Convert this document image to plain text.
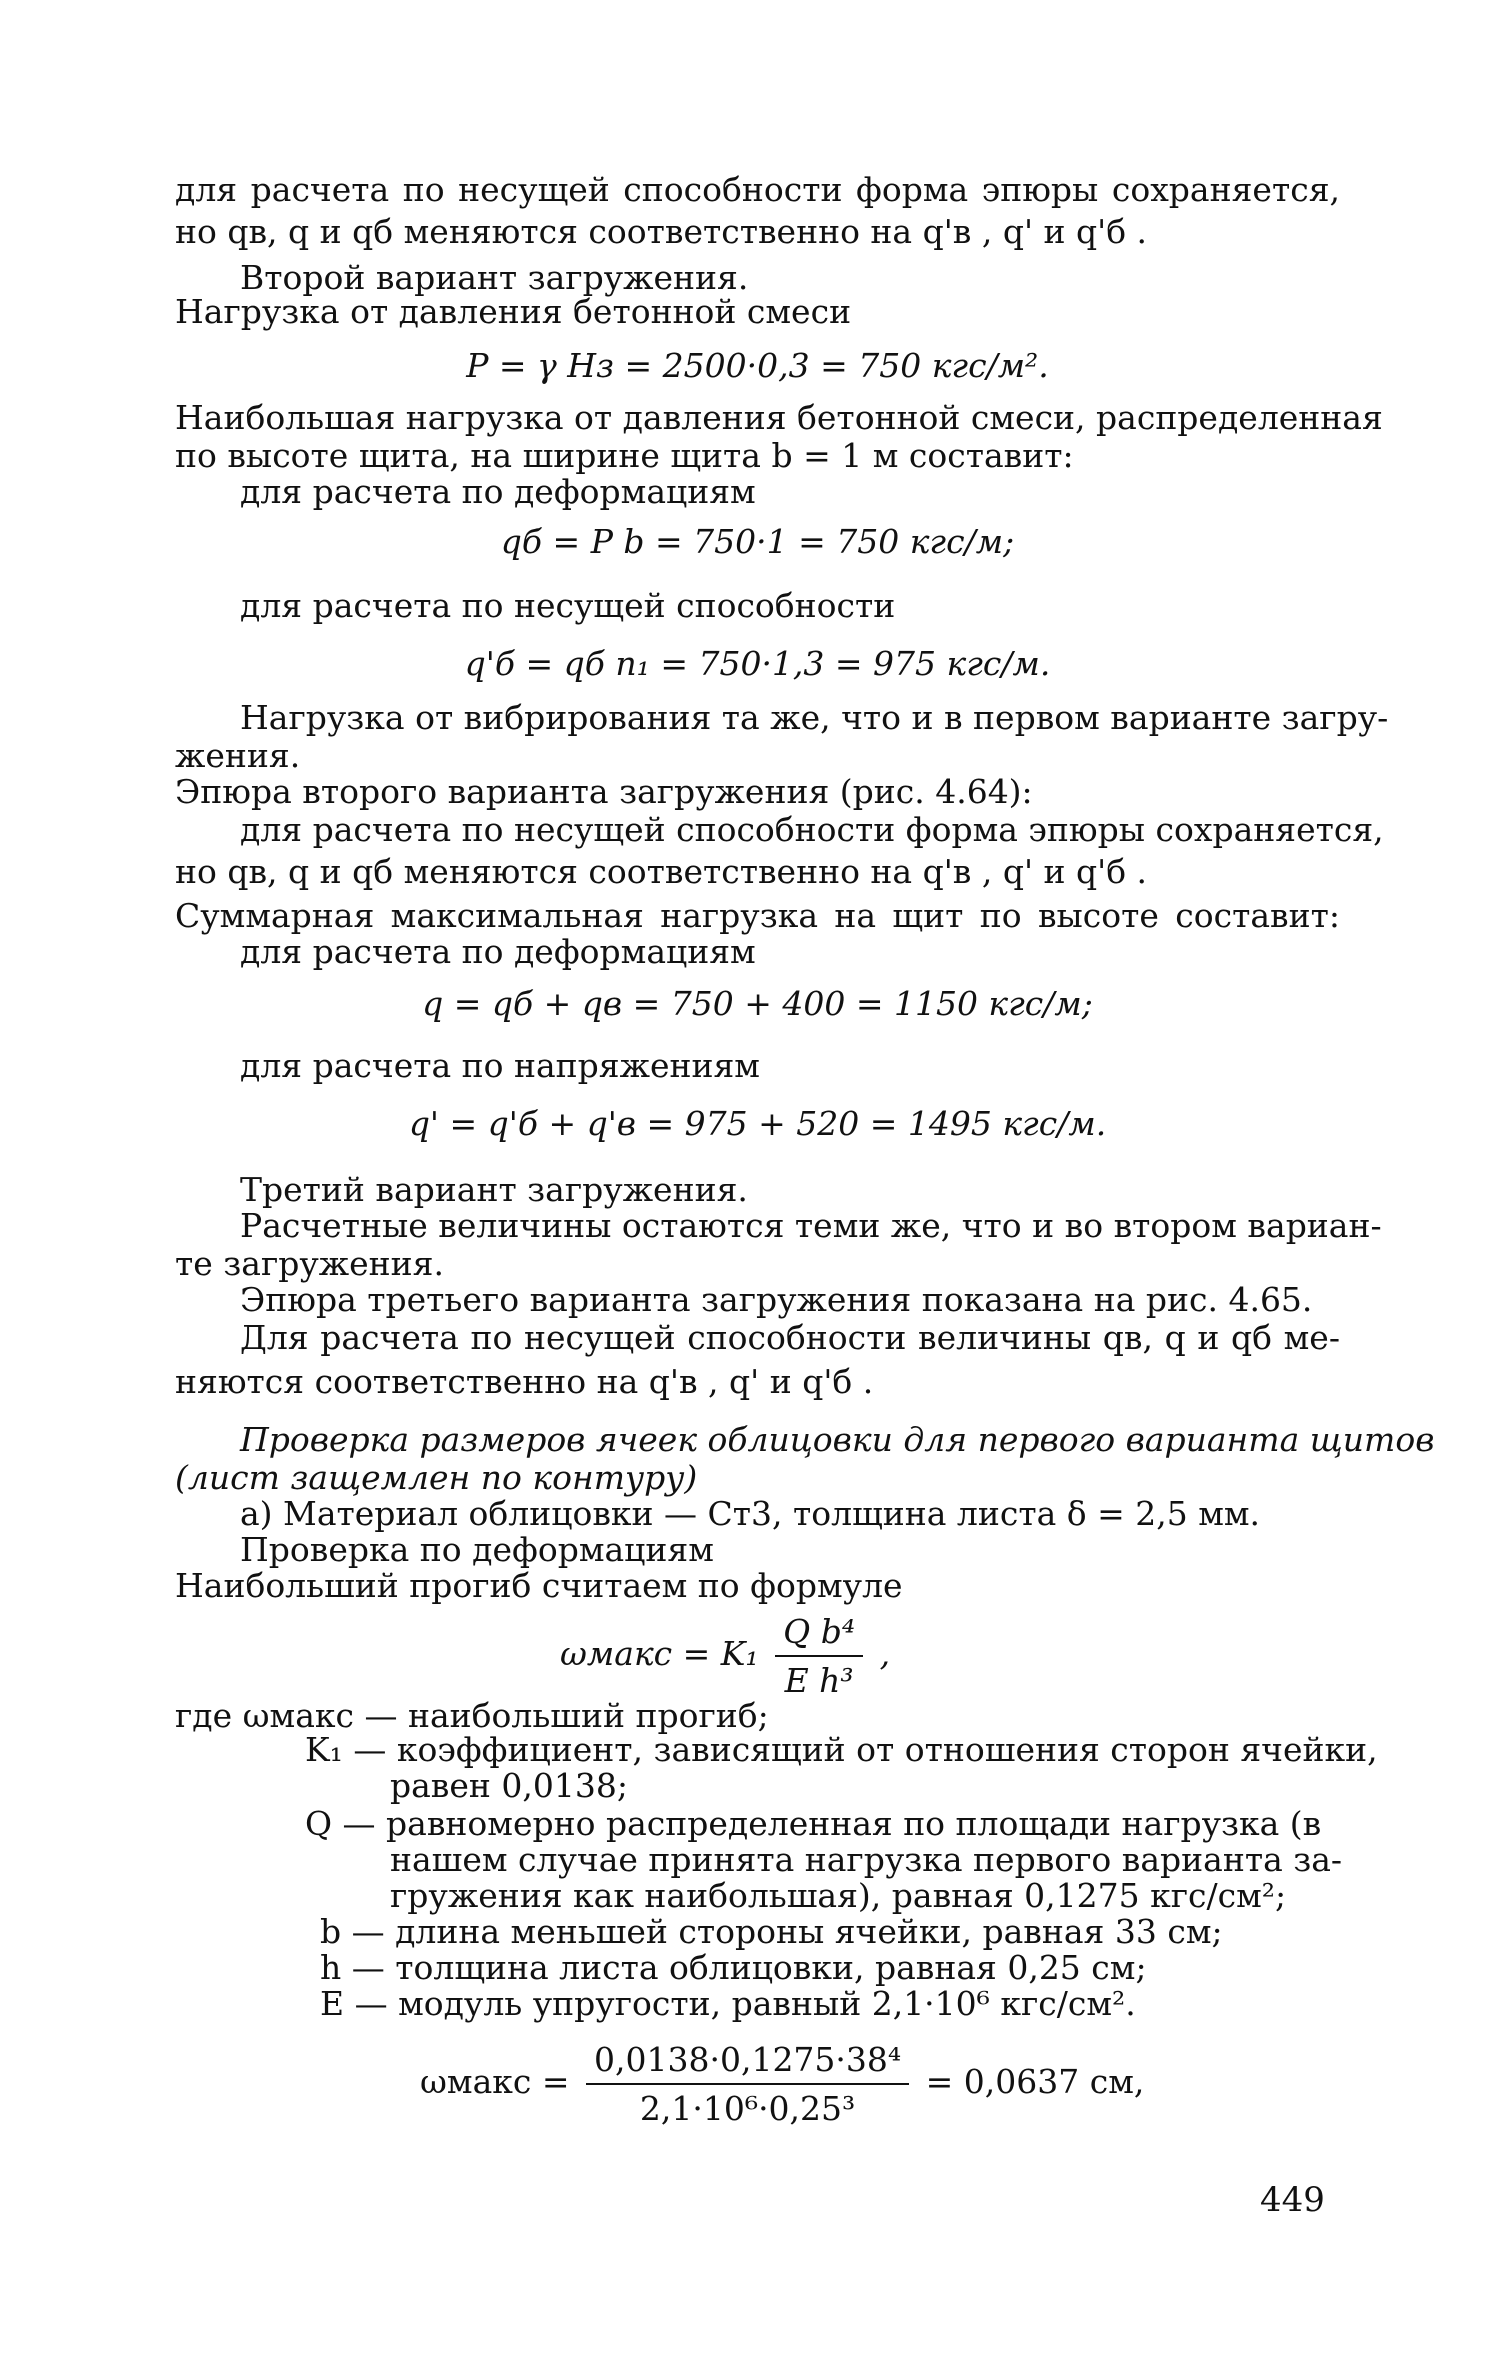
для расчета по несущей способности форма эпюры сохраняется,
но qв, q и qб меняются соответственно на q'в , q' и q'б .
Второй вариант загружения.
Нагрузка от давления бетонной смеси
P = γ Hз = 2500·0,3 = 750 кгс/м².
Наибольшая нагрузка от давления бетонной смеси, распределенная
по высоте щита, на ширине щита b = 1 м составит:
для расчета по деформациям
qб = P b = 750·1 = 750 кгс/м;
для расчета по несущей способности
q'б = qб n₁ = 750·1,3 = 975 кгс/м.
Нагрузка от вибрирования та же, что и в первом варианте загру-
жения.
Эпюра второго варианта загружения (рис. 4.64):
для расчета по несущей способности форма эпюры сохраняется,
но qв, q и qб меняются соответственно на q'в , q' и q'б .
Суммарная максимальная нагрузка на щит по высоте составит:
для расчета по деформациям
q = qб + qв = 750 + 400 = 1150 кгс/м;
для расчета по напряжениям
q' = q'б + q'в = 975 + 520 = 1495 кгс/м.
Третий вариант загружения.
Расчетные величины остаются теми же, что и во втором вариан-
те загружения.
Эпюра третьего варианта загружения показана на рис. 4.65.
Для расчета по несущей способности величины qв, q и qб ме-
няются соответственно на q'в , q' и q'б .
Проверка размеров ячеек облицовки для первого варианта щитов
(лист защемлен по контуру)
а) Материал облицовки — Ст3, толщина листа δ = 2,5 мм.
Проверка по деформациям
Наибольший прогиб считаем по формуле
ωмакс = $K_1 \frac{\text{Q b⁴}}{\text{E h³}}$ ,
где ωмакс — наибольший прогиб;
K₁ — коэффициент, зависящий от отношения сторон ячейки,
равен 0,0138;
Q — равномерно распределенная по площади нагрузка (в
нашем случае принята нагрузка первого варианта за-
гружения как наибольшая), равная 0,1275 кгс/см²;
b — длина меньшей стороны ячейки, равная 33 см;
h — толщина листа облицовки, равная 0,25 см;
E — модуль упругости, равный 2,1·10⁶ кгс/см².
ωмакс = $\frac{\text{0,0138·0,1275·38⁴}}{\text{2,1·10⁶·0,25³}} = 0,0637$ см,
449
